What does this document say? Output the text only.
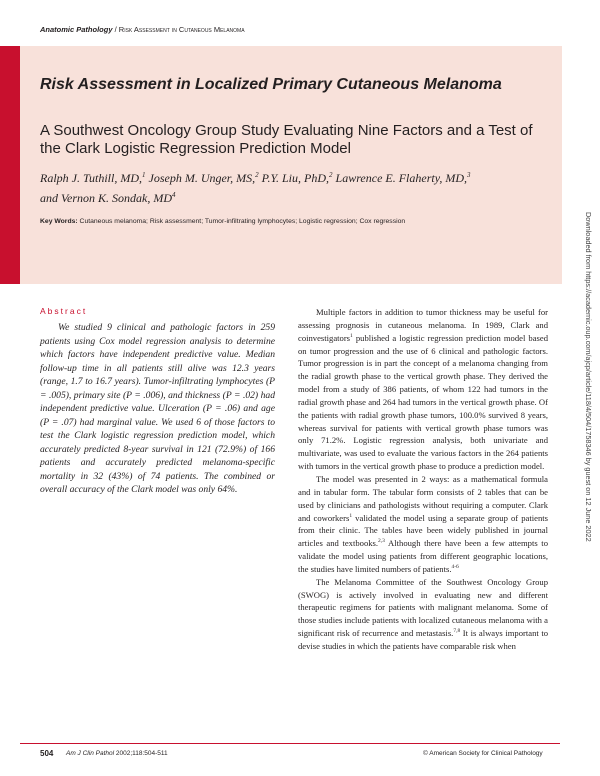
Anatomic Pathology / Risk Assessment in Cutaneous Melanoma
Risk Assessment in Localized Primary Cutaneous Melanoma
A Southwest Oncology Group Study Evaluating Nine Factors and a Test of the Clark Logistic Regression Prediction Model
Ralph J. Tuthill, MD,$^1$ Joseph M. Unger, MS,$^2$ P.Y. Liu, PhD,$^2$ Lawrence E. Flaherty, MD,$^3$
and Vernon K. Sondak, $MD^4$
Key Words: Cutaneous melanoma; Risk assessment; Tumor-infiltrating lymphocytes; Logistic regression; Cox regression
Abstract

We studied 9 clinical and pathologic factors in 259 patients using Cox model regression analysis to determine which factors have independent predictive value. Median follow-up time in all patients still alive was 12.3 years (range, 1.7 to 16.7 years). Tumor-infiltrating lymphocytes (P = .005), primary site (P = .006), and thickness (P = .02) had independent predictive value. Ulceration (P = .06) and age (P = .07) had marginal value. We used 6 of those factors to test the Clark logistic regression prediction model, which accurately predicted 8-year survival in 121 (72.9%) of 166 patients and accurately predicted melanoma-specific mortality in 32 (43%) of 74 patients. The combined or overall accuracy of the Clark model was only 64%.

Multiple factors in addition to tumor thickness may be useful for assessing prognosis in cutaneous melanoma. In 1989, Clark and coinvestigators$^1$ published a logistic regression prediction model based on tumor progression and the use of 6 clinical and pathologic factors. Tumor progression is in part the concept of a melanoma changing from the radial growth phase to the vertical growth phase. They derived the model from a study of 386 patients, of whom 122 had tumors in the radial growth phase and 264 had tumors in the vertical growth phase. Of the patients with radial growth phase tumors, 100.0% survived 8 years, whereas survival for patients with vertical growth phase tumors was only 71.2%. Logistic regression analysis, both univariate and multivariate, was used to evaluate the various factors in the 264 patients with tumors in the vertical growth phase to produce a prediction model.

The model was presented in 2 ways: as a mathematical formula and in tabular form. The tabular form consists of 2 tables that can be used by clinicians and pathologists without requiring a computer. Clark and coworkers$^1$ validated the model using a separate group of patients from their clinic. The tables have been widely published in journal articles and textbooks.$^{2,3}$ Although there have been a few attempts to validate the model using patients from different geographic locations, the studies have limited numbers of patients.$^{4-6}$

The Melanoma Committee of the Southwest Oncology Group (SWOG) is actively involved in evaluating new and different therapeutic regimens for patients with malignant melanoma. Some of those studies include patients with localized cutaneous melanoma with a significant risk of recurrence and metastasis.$^{7,8}$ It is always important to devise studies in which the patients have comparable risk when

Downloaded from https://academic.oup.com/ajcp/article/118/4/504/1758346 by guest on 12 June 2022
504 Am J Clin Pathol 2002;118:504-511	© American Society for Clinical Pathology
